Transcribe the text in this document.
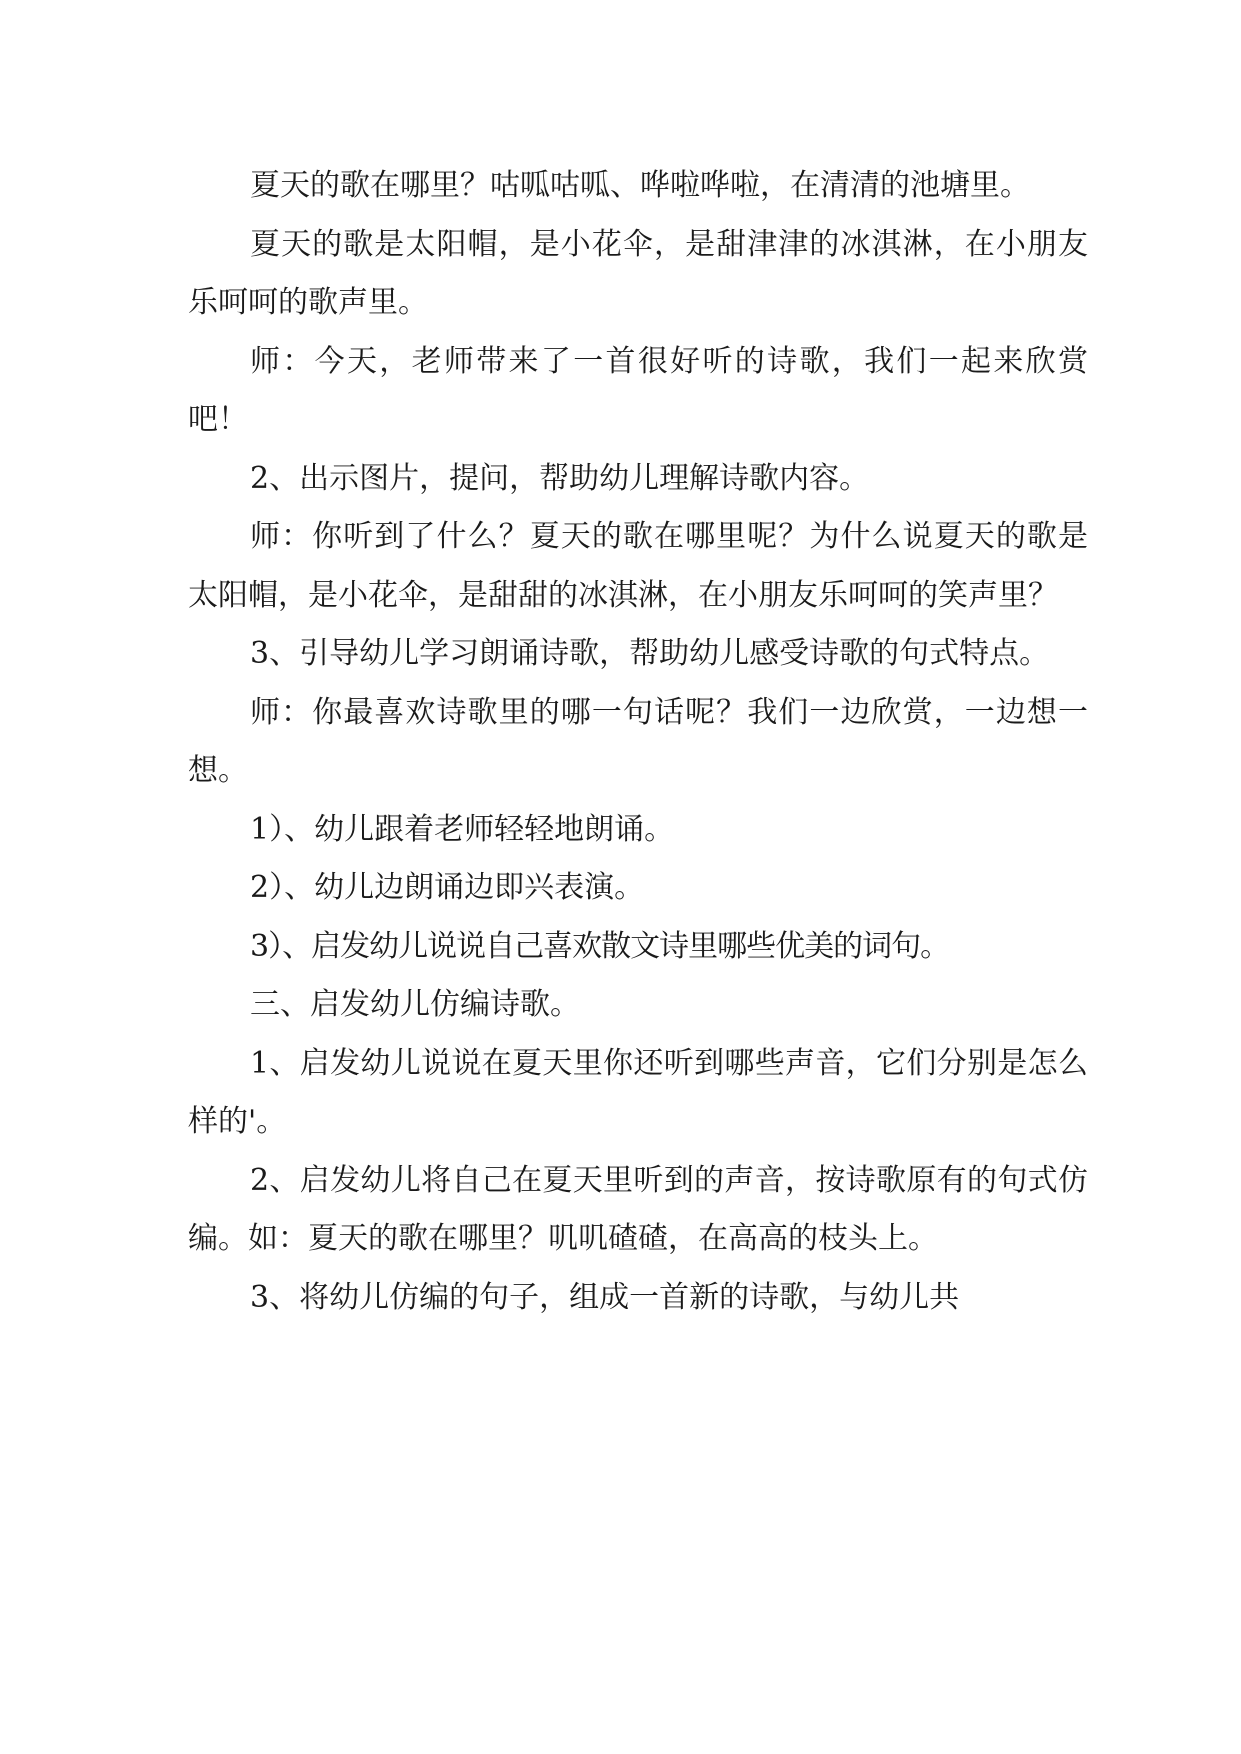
夏天的歌在哪里？咕呱咕呱、哗啦哗啦，在清清的池塘里。

夏天的歌是太阳帽，是小花伞，是甜津津的冰淇淋，在小朋友乐呵呵的歌声里。

师：今天，老师带来了一首很好听的诗歌，我们一起来欣赏吧！

2、出示图片，提问，帮助幼儿理解诗歌内容。

师：你听到了什么？夏天的歌在哪里呢？为什么说夏天的歌是太阳帽，是小花伞，是甜甜的冰淇淋，在小朋友乐呵呵的笑声里？

3、引导幼儿学习朗诵诗歌，帮助幼儿感受诗歌的句式特点。

师：你最喜欢诗歌里的哪一句话呢？我们一边欣赏，一边想一想。

1）、幼儿跟着老师轻轻地朗诵。

2）、幼儿边朗诵边即兴表演。

3）、启发幼儿说说自己喜欢散文诗里哪些优美的词句。

三、启发幼儿仿编诗歌。

1、启发幼儿说说在夏天里你还听到哪些声音，它们分别是怎么样的'。

2、启发幼儿将自己在夏天里听到的声音，按诗歌原有的句式仿编。如：夏天的歌在哪里？叽叽碴碴，在高高的枝头上。

3、将幼儿仿编的句子，组成一首新的诗歌，与幼儿共
